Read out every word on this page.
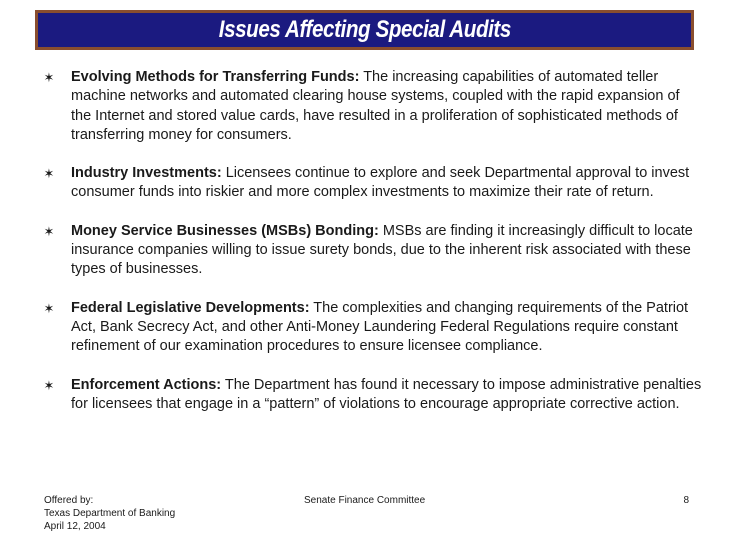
Issues Affecting Special Audits
✶ Evolving Methods for Transferring Funds: The increasing capabilities of automated teller machine networks and automated clearing house systems, coupled with the rapid expansion of the Internet and stored value cards, have resulted in a proliferation of sophisticated methods of transferring money for consumers.
✶ Industry Investments: Licensees continue to explore and seek Departmental approval to invest consumer funds into riskier and more complex investments to maximize their rate of return.
✶ Money Service Businesses (MSBs) Bonding: MSBs are finding it increasingly difficult to locate insurance companies willing to issue surety bonds, due to the inherent risk associated with these types of businesses.
✶ Federal Legislative Developments: The complexities and changing requirements of the Patriot Act, Bank Secrecy Act, and other Anti-Money Laundering Federal Regulations require constant refinement of our examination procedures to ensure licensee compliance.
✶ Enforcement Actions: The Department has found it necessary to impose administrative penalties for licensees that engage in a “pattern” of violations to encourage appropriate corrective action.
Offered by:
Texas Department of Banking
April 12, 2004
Senate Finance Committee	8
